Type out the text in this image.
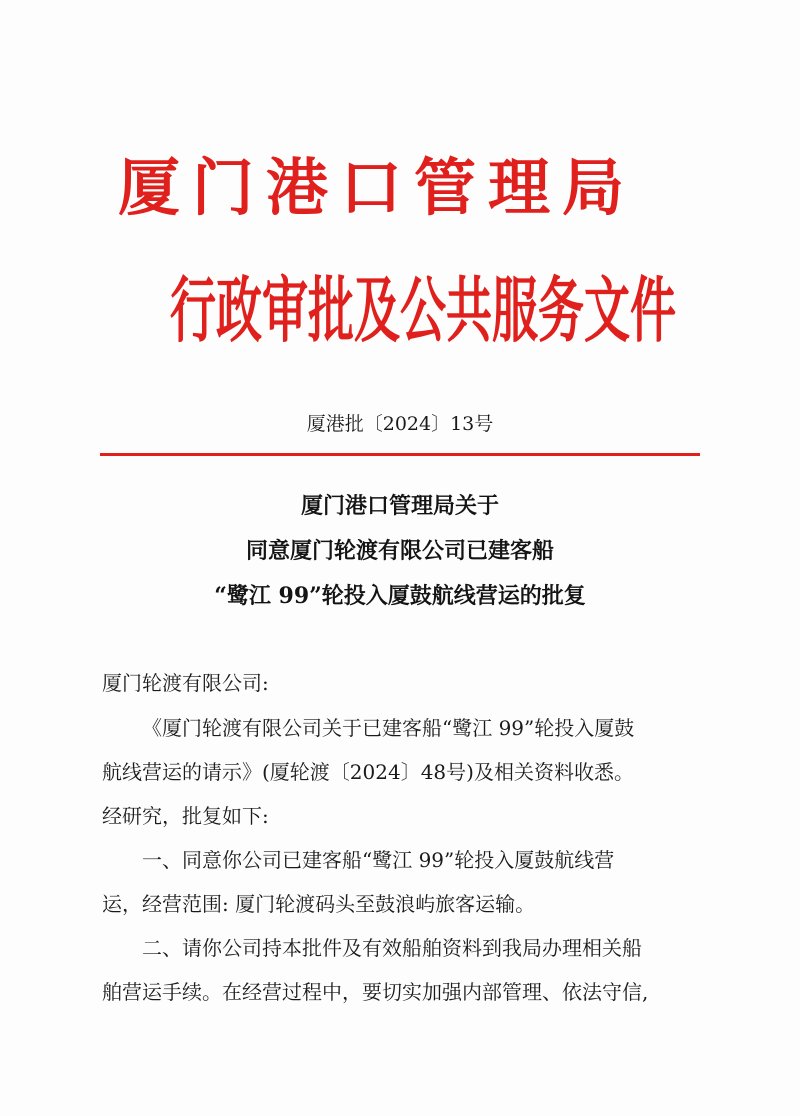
厦门港口管理局
行政审批及公共服务文件
厦港批〔2024〕13号
厦门港口管理局关于
同意厦门轮渡有限公司已建客船
“鹭江 99”轮投入厦鼓航线营运的批复
厦门轮渡有限公司:
《厦门轮渡有限公司关于已建客船“鹭江 99”轮投入厦鼓
航线营运的请示》(厦轮渡〔2024〕48号)及相关资料收悉。
经研究，批复如下:
一、同意你公司已建客船“鹭江 99”轮投入厦鼓航线营
运，经营范围: 厦门轮渡码头至鼓浪屿旅客运输。
二、请你公司持本批件及有效船舶资料到我局办理相关船
舶营运手续。在经营过程中，要切实加强内部管理、依法守信,
